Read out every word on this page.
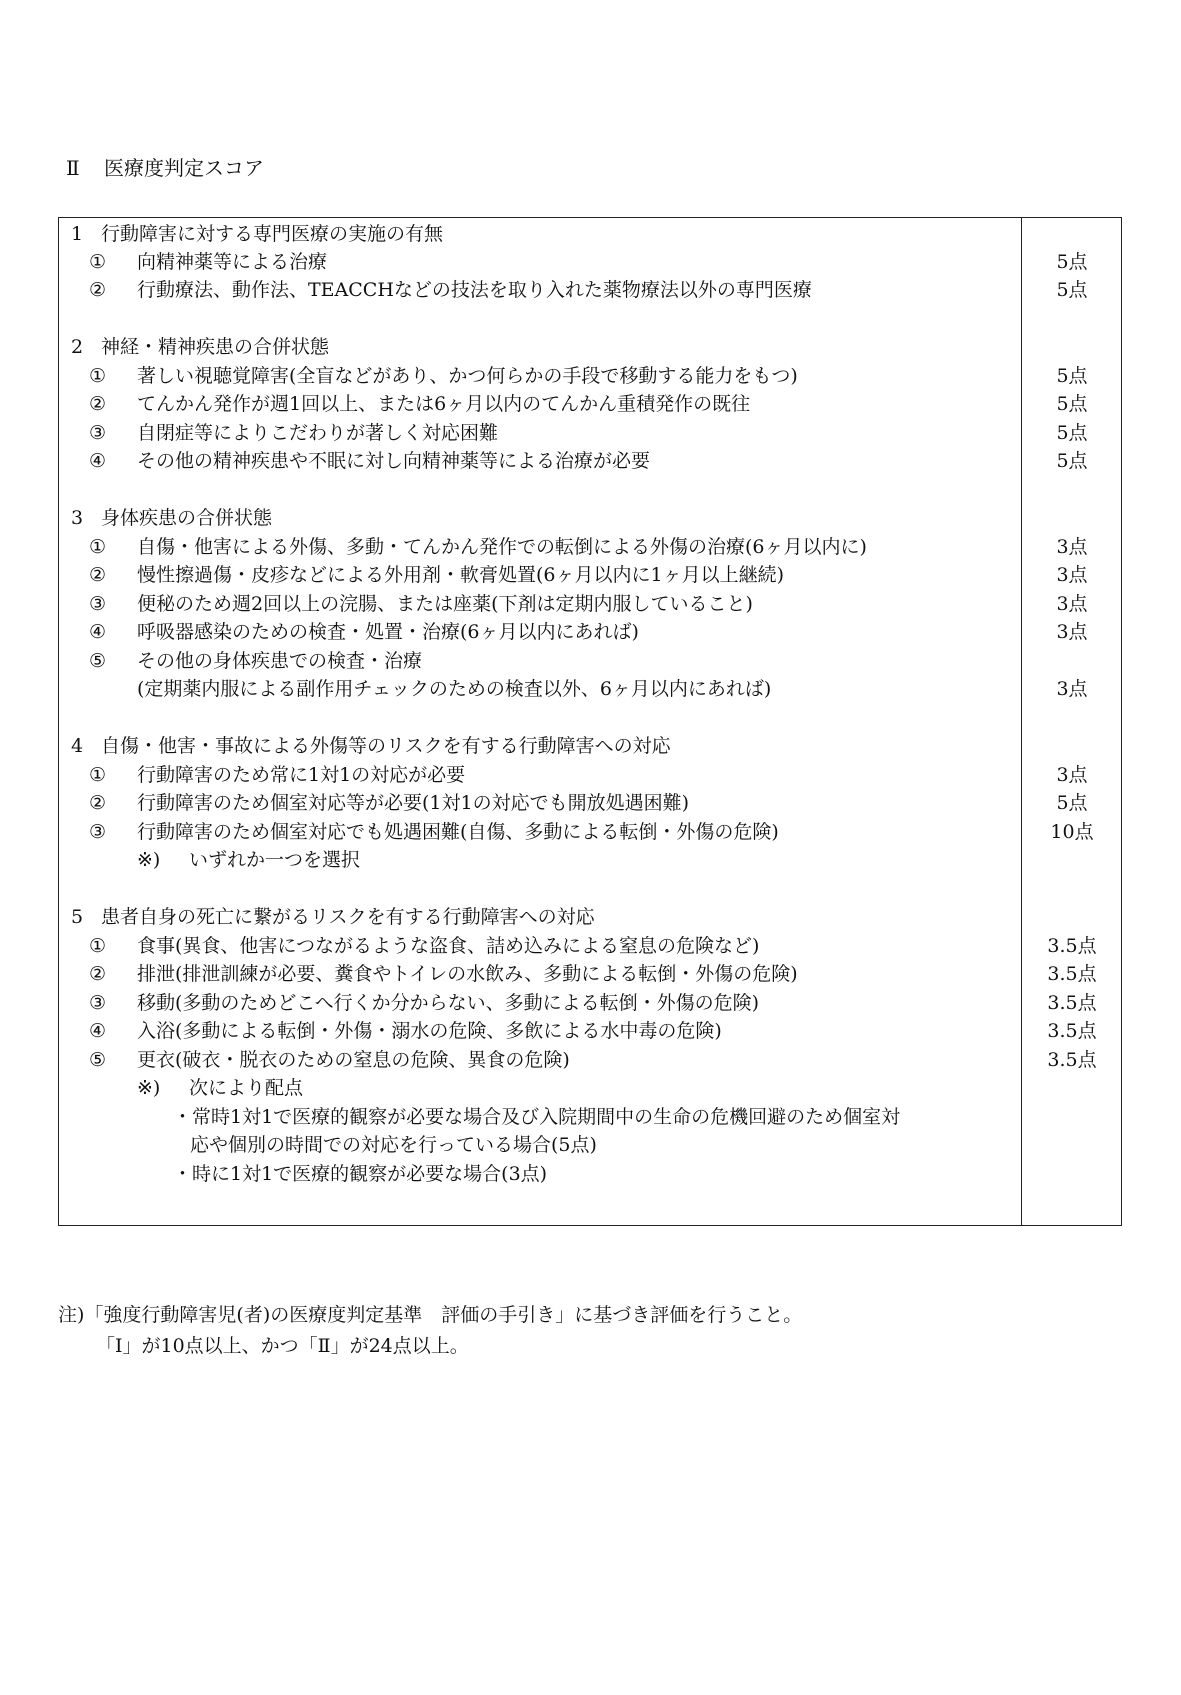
Ⅱ 医療度判定スコア
1 行動障害に対する専門医療の実施の有無
① 向精神薬等による治療	5点
② 行動療法、動作法、TEACCHなどの技法を取り入れた薬物療法以外の専門医療	5点
2 神経・精神疾患の合併状態
① 著しい視聴覚障害(全盲などがあり、かつ何らかの手段で移動する能力をもつ)	5点
② てんかん発作が週1回以上、または6ヶ月以内のてんかん重積発作の既往	5点
③ 自閉症等によりこだわりが著しく対応困難	5点
④ その他の精神疾患や不眠に対し向精神薬等による治療が必要	5点
3 身体疾患の合併状態
① 自傷・他害による外傷、多動・てんかん発作での転倒による外傷の治療(6ヶ月以内に)	3点
② 慢性擦過傷・皮疹などによる外用剤・軟膏処置(6ヶ月以内に1ヶ月以上継続)	3点
③ 便秘のため週2回以上の浣腸、または座薬(下剤は定期内服していること)	3点
④ 呼吸器感染のための検査・処置・治療(6ヶ月以内にあれば)	3点
⑤ その他の身体疾患での検査・治療
(定期薬内服による副作用チェックのための検査以外、6ヶ月以内にあれば)	3点
4 自傷・他害・事故による外傷等のリスクを有する行動障害への対応
① 行動障害のため常に1対1の対応が必要	3点
② 行動障害のため個室対応等が必要(1対1の対応でも開放処遇困難)	5点
③ 行動障害のため個室対応でも処遇困難(自傷、多動による転倒・外傷の危険)	10点
※) いずれか一つを選択
5 患者自身の死亡に繋がるリスクを有する行動障害への対応
① 食事(異食、他害につながるような盗食、詰め込みによる窒息の危険など)	3.5点
② 排泄(排泄訓練が必要、糞食やトイレの水飲み、多動による転倒・外傷の危険)	3.5点
③ 移動(多動のためどこへ行くか分からない、多動による転倒・外傷の危険)	3.5点
④ 入浴(多動による転倒・外傷・溺水の危険、多飲による水中毒の危険)	3.5点
⑤ 更衣(破衣・脱衣のための窒息の危険、異食の危険)	3.5点
※) 次により配点
・常時1対1で医療的観察が必要な場合及び入院期間中の生命の危機回避のため個室対
応や個別の時間での対応を行っている場合(5点)
・時に1対1で医療的観察が必要な場合(3点)
注)「強度行動障害児(者)の医療度判定基準　評価の手引き」に基づき評価を行うこと。
「Ⅰ」が10点以上、かつ「Ⅱ」が24点以上。
